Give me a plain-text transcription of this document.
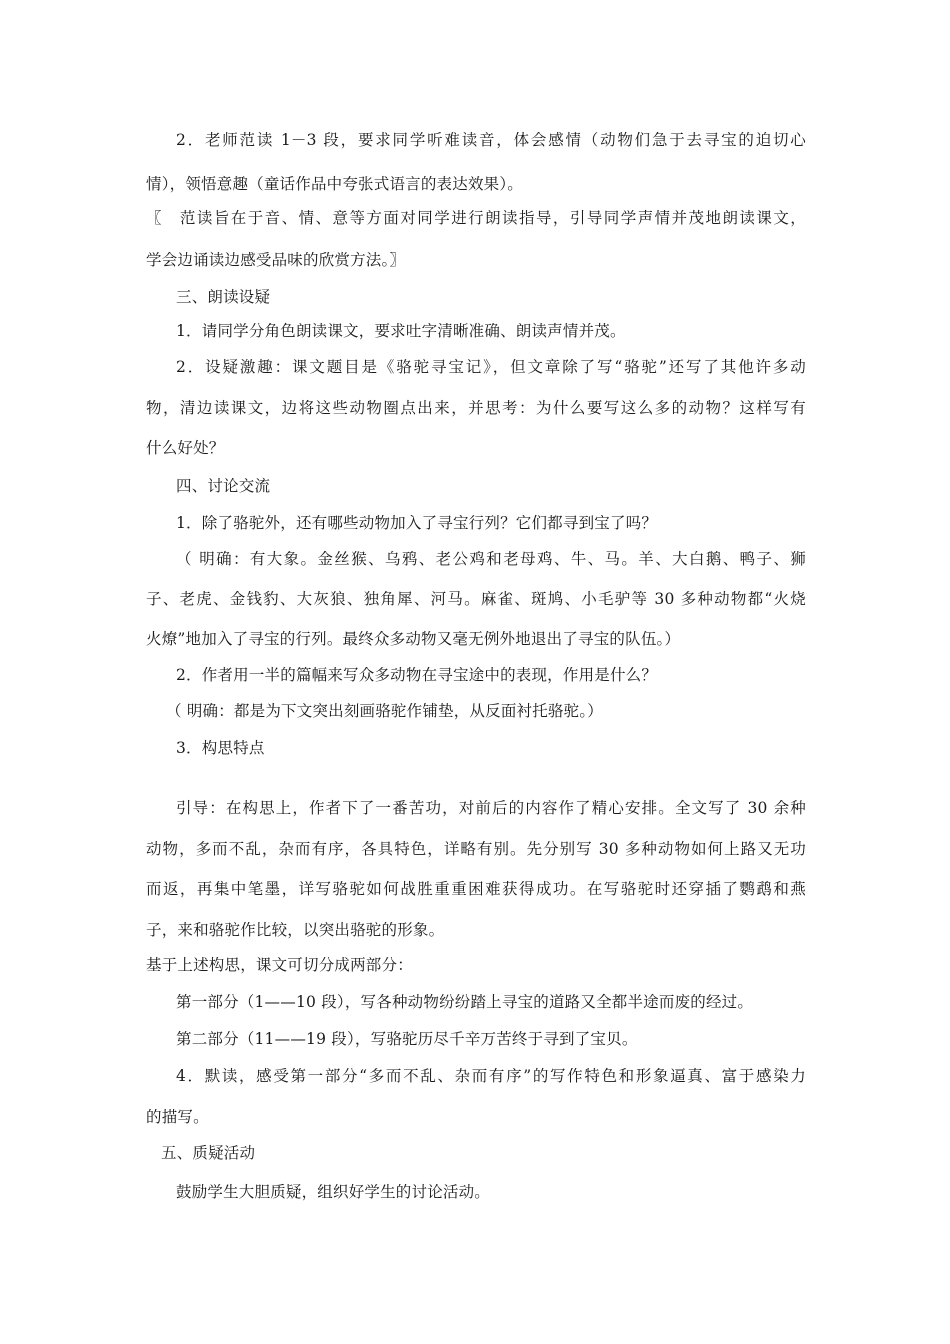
2．老师范读 1－3 段，要求同学听难读音，体会感情（动物们急于去寻宝的迫切心
情），领悟意趣（童话作品中夸张式语言的表达效果）。
〖　范读旨在于音、情、意等方面对同学进行朗读指导，引导同学声情并茂地朗读课文，
学会边诵读边感受品味的欣赏方法。〗
三、朗读设疑
1．请同学分角色朗读课文，要求吐字清晰准确、朗读声情并茂。
2．设疑激趣：课文题目是《骆驼寻宝记》，但文章除了写“骆驼”还写了其他许多动
物，清边读课文，边将这些动物圈点出来，并思考：为什么要写这么多的动物？这样写有
什么好处？
四、讨论交流
1．除了骆驼外，还有哪些动物加入了寻宝行列？它们都寻到宝了吗？
（ 明确：有大象。金丝猴、乌鸦、老公鸡和老母鸡、牛、马。羊、大白鹅、鸭子、狮
子、老虎、金钱豹、大灰狼、独角犀、河马。麻雀、斑鸠、小毛驴等 30 多种动物都“火烧
火燎”地加入了寻宝的行列。最终众多动物又毫无例外地退出了寻宝的队伍。）
2．作者用一半的篇幅来写众多动物在寻宝途中的表现，作用是什么？
（ 明确：都是为下文突出刻画骆驼作铺垫，从反面衬托骆驼。）
3．构思特点
引导：在构思上，作者下了一番苦功，对前后的内容作了精心安排。全文写了 30 余种
动物，多而不乱，杂而有序，各具特色，详略有别。先分别写 30 多种动物如何上路又无功
而返，再集中笔墨，详写骆驼如何战胜重重困难获得成功。在写骆驼时还穿插了鹦鹉和燕
子，来和骆驼作比较，以突出骆驼的形象。
基于上述构思，课文可切分成两部分：
第一部分（1——10 段），写各种动物纷纷踏上寻宝的道路又全都半途而废的经过。
第二部分（11——19 段），写骆驼历尽千辛万苦终于寻到了宝贝。
4．默读，感受第一部分“多而不乱、杂而有序”的写作特色和形象逼真、富于感染力
的描写。
五、质疑活动
鼓励学生大胆质疑，组织好学生的讨论活动。
